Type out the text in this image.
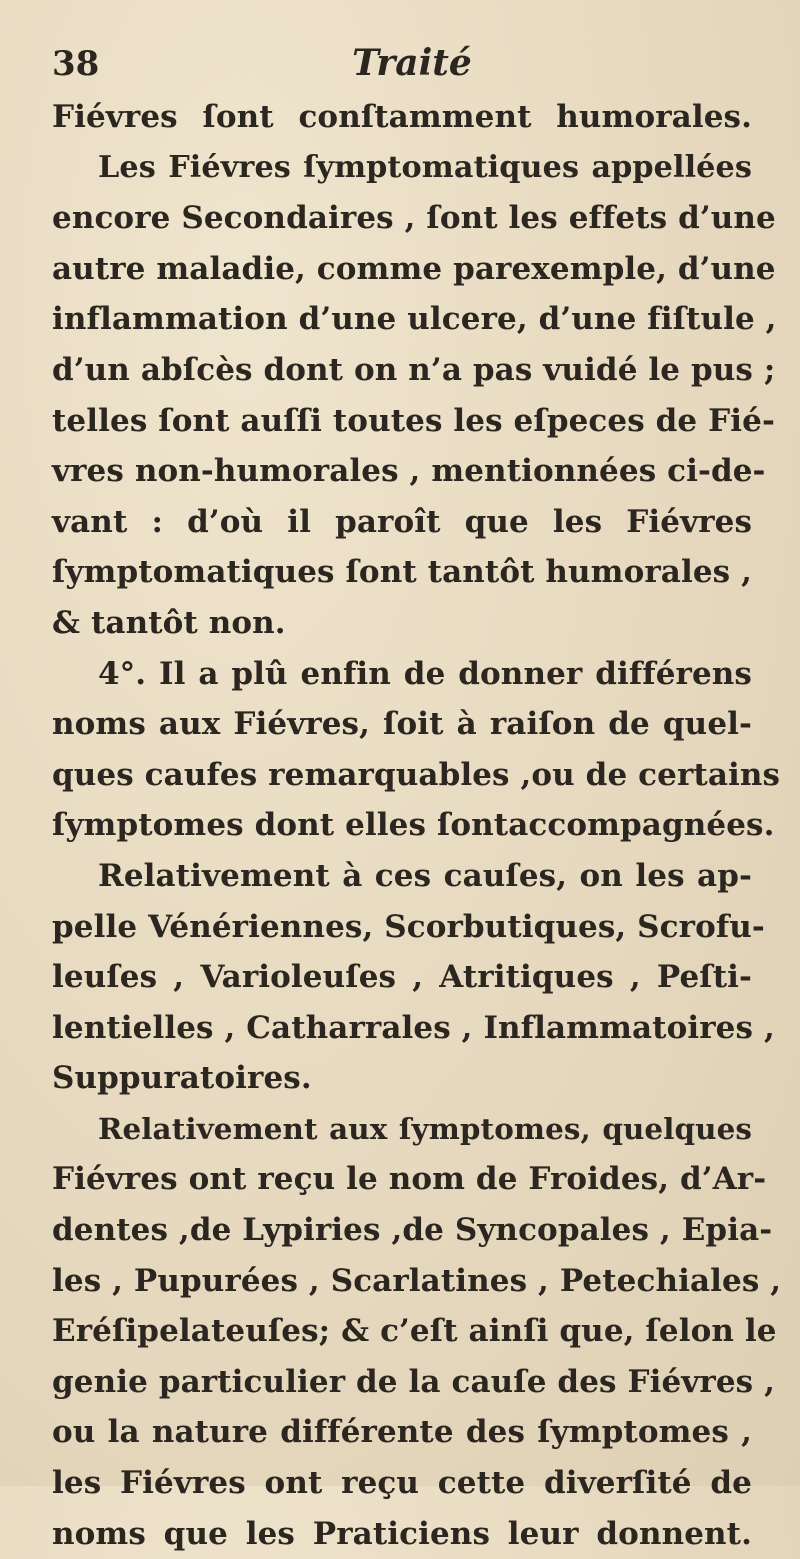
38	Traité
Fiévres ſont conſtamment humorales.
Les Fiévres ſymptomatiques appellées
encore Secondaires , ſont les effets d’une
autre maladie, comme parexemple, d’une
inflammation d’une ulcere, d’une fiſtule ,
d’un abſcès dont on n’a pas vuidé le pus ;
telles ſont auſſi toutes les eſpeces de Fié-
vres non-humorales , mentionnées ci-de-
vant : d’où il paroît que les Fiévres
ſymptomatiques ſont tantôt humorales ,
& tantôt non.
4°. Il a plû enfin de donner différens
noms aux Fiévres, ſoit à raiſon de quel-
ques caufes remarquables ,ou de certains
ſymptomes dont elles ſontaccompagnées.
Relativement à ces cauſes, on les ap-
pelle Vénériennes, Scorbutiques, Scrofu-
leuſes , Varioleuſes , Atritiques , Peſti-
lentielles , Catharrales , Inflammatoires ,
Suppuratoires.
Relativement aux ſymptomes, quelques
Fiévres ont reçu le nom de Froides, d’Ar-
dentes ,de Lypiries ,de Syncopales , Epia-
les , Pupurées , Scarlatines , Petechiales ,
Eréſipelateuſes; & c’eſt ainſi que, ſelon le
genie particulier de la cauſe des Fiévres ,
ou la nature différente des ſymptomes ,
les Fiévres ont reçu cette diverſité de
noms que les Praticiens leur donnent.
